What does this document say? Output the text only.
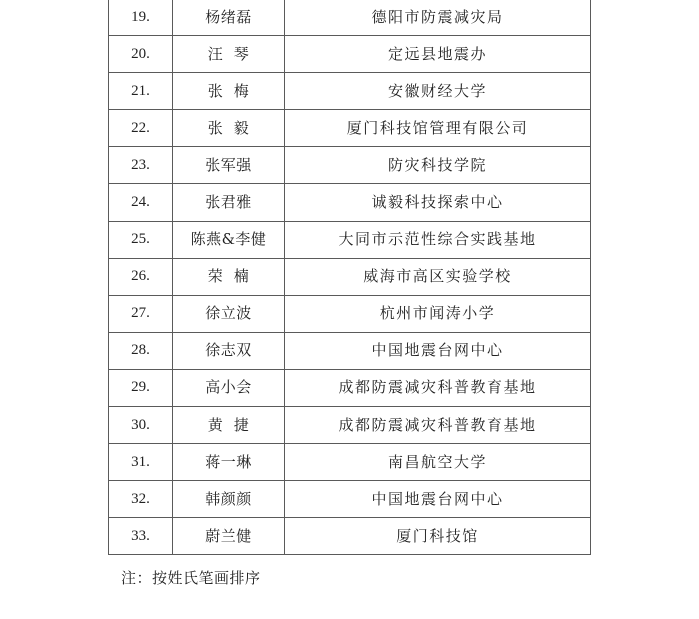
19.	杨绪磊	德阳市防震减灾局
20.	汪  琴	定远县地震办
21.	张  梅	安徽财经大学
22.	张  毅	厦门科技馆管理有限公司
23.	张军强	防灾科技学院
24.	张君雅	诚毅科技探索中心
25.	陈燕&李健	大同市示范性综合实践基地
26.	荣  楠	威海市高区实验学校
27.	徐立波	杭州市闻涛小学
28.	徐志双	中国地震台网中心
29.	高小会	成都防震减灾科普教育基地
30.	黄  捷	成都防震减灾科普教育基地
31.	蒋一琳	南昌航空大学
32.	韩颜颜	中国地震台网中心
33.	蔚兰健	厦门科技馆
注：按姓氏笔画排序
